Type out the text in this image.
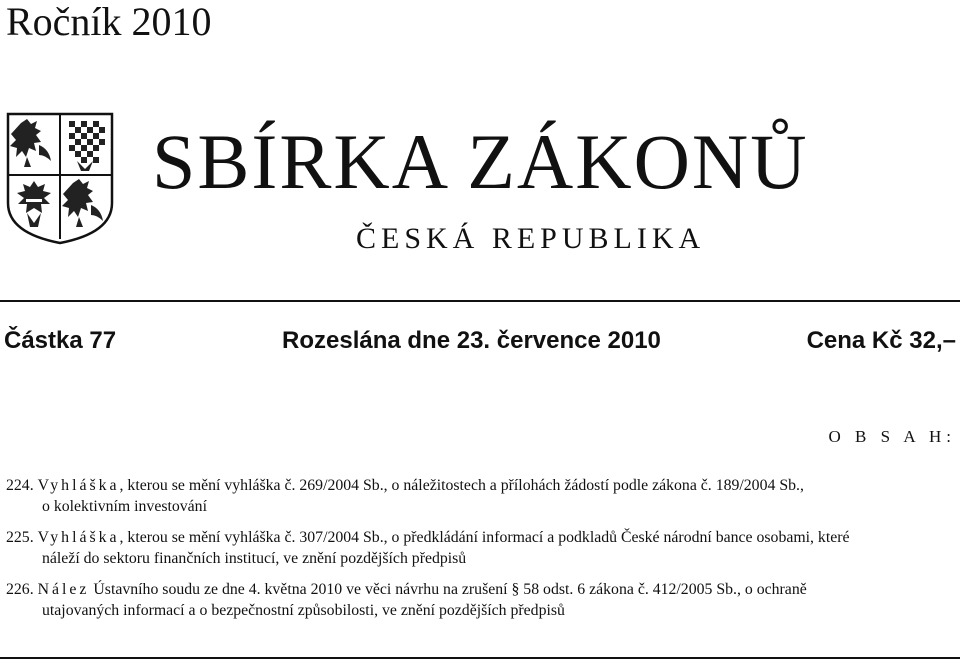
Ročník 2010
SBÍRKA ZÁKONŮ
ČESKÁ REPUBLIKA
Částka 77	Rozeslána dne 23. července 2010	Cena Kč 32,–
O B S A H:
224. Vyhláška, kterou se mění vyhláška č. 269/2004 Sb., o náležitostech a přílohách žádostí podle zákona č. 189/2004 Sb.,
o kolektivním investování
225. Vyhláška, kterou se mění vyhláška č. 307/2004 Sb., o předkládání informací a podkladů České národní bance osobami, které
náleží do sektoru finančních institucí, ve znění pozdějších předpisů
226. Nález Ústavního soudu ze dne 4. května 2010 ve věci návrhu na zrušení § 58 odst. 6 zákona č. 412/2005 Sb., o ochraně
utajovaných informací a o bezpečnostní způsobilosti, ve znění pozdějších předpisů
